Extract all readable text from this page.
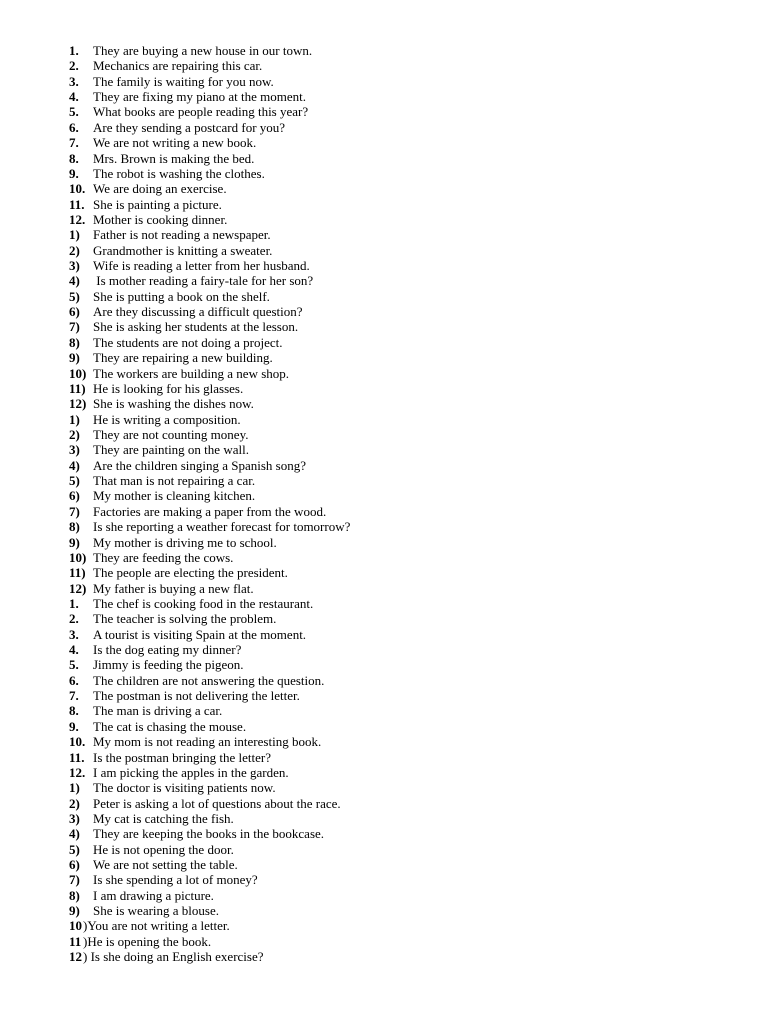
1. They are buying a new house in our town.
2. Mechanics are repairing this car.
3. The family is waiting for you now.
4. They are fixing my piano at the moment.
5. What books are people reading this year?
6. Are they sending a postcard for you?
7. We are not writing a new book.
8. Mrs. Brown is making the bed.
9. The robot is washing the clothes.
10. We are doing an exercise.
11. She is painting a picture.
12. Mother is cooking dinner.
1) Father is not reading a newspaper.
2) Grandmother is knitting a sweater.
3) Wife is reading a letter from her husband.
4) Is mother reading a fairy-tale for her son?
5) She is putting a book on the shelf.
6) Are they discussing a difficult question?
7) She is asking her students at the lesson.
8) The students are not doing a project.
9) They are repairing a new building.
10) The workers are building a new shop.
11) He is looking for his glasses.
12) She is washing the dishes now.
1) He is writing a composition.
2) They are not counting money.
3) They are painting on the wall.
4) Are the children singing a Spanish song?
5) That man is not repairing a car.
6) My mother is cleaning kitchen.
7) Factories are making a paper from the wood.
8) Is she reporting a weather forecast for tomorrow?
9) My mother is driving me to school.
10) They are feeding the cows.
11) The people are electing the president.
12) My father is buying a new flat.
1. The chef is cooking food in the restaurant.
2. The teacher is solving the problem.
3. A tourist is visiting Spain at the moment.
4. Is the dog eating my dinner?
5. Jimmy is feeding the pigeon.
6. The children are not answering the question.
7. The postman is not delivering the letter.
8. The man is driving a car.
9. The cat is chasing the mouse.
10. My mom is not reading an interesting book.
11. Is the postman bringing the letter?
12. I am picking the apples in the garden.
1) The doctor is visiting patients now.
2) Peter is asking a lot of questions about the race.
3) My cat is catching the fish.
4) They are keeping the books in the bookcase.
5) He is not opening the door.
6) We are not setting the table.
7) Is she spending a lot of money?
8) I am drawing a picture.
9) She is wearing a blouse.
10 )You are not writing a letter.
11 )He is opening the book.
12 ) Is she doing an English exercise?
